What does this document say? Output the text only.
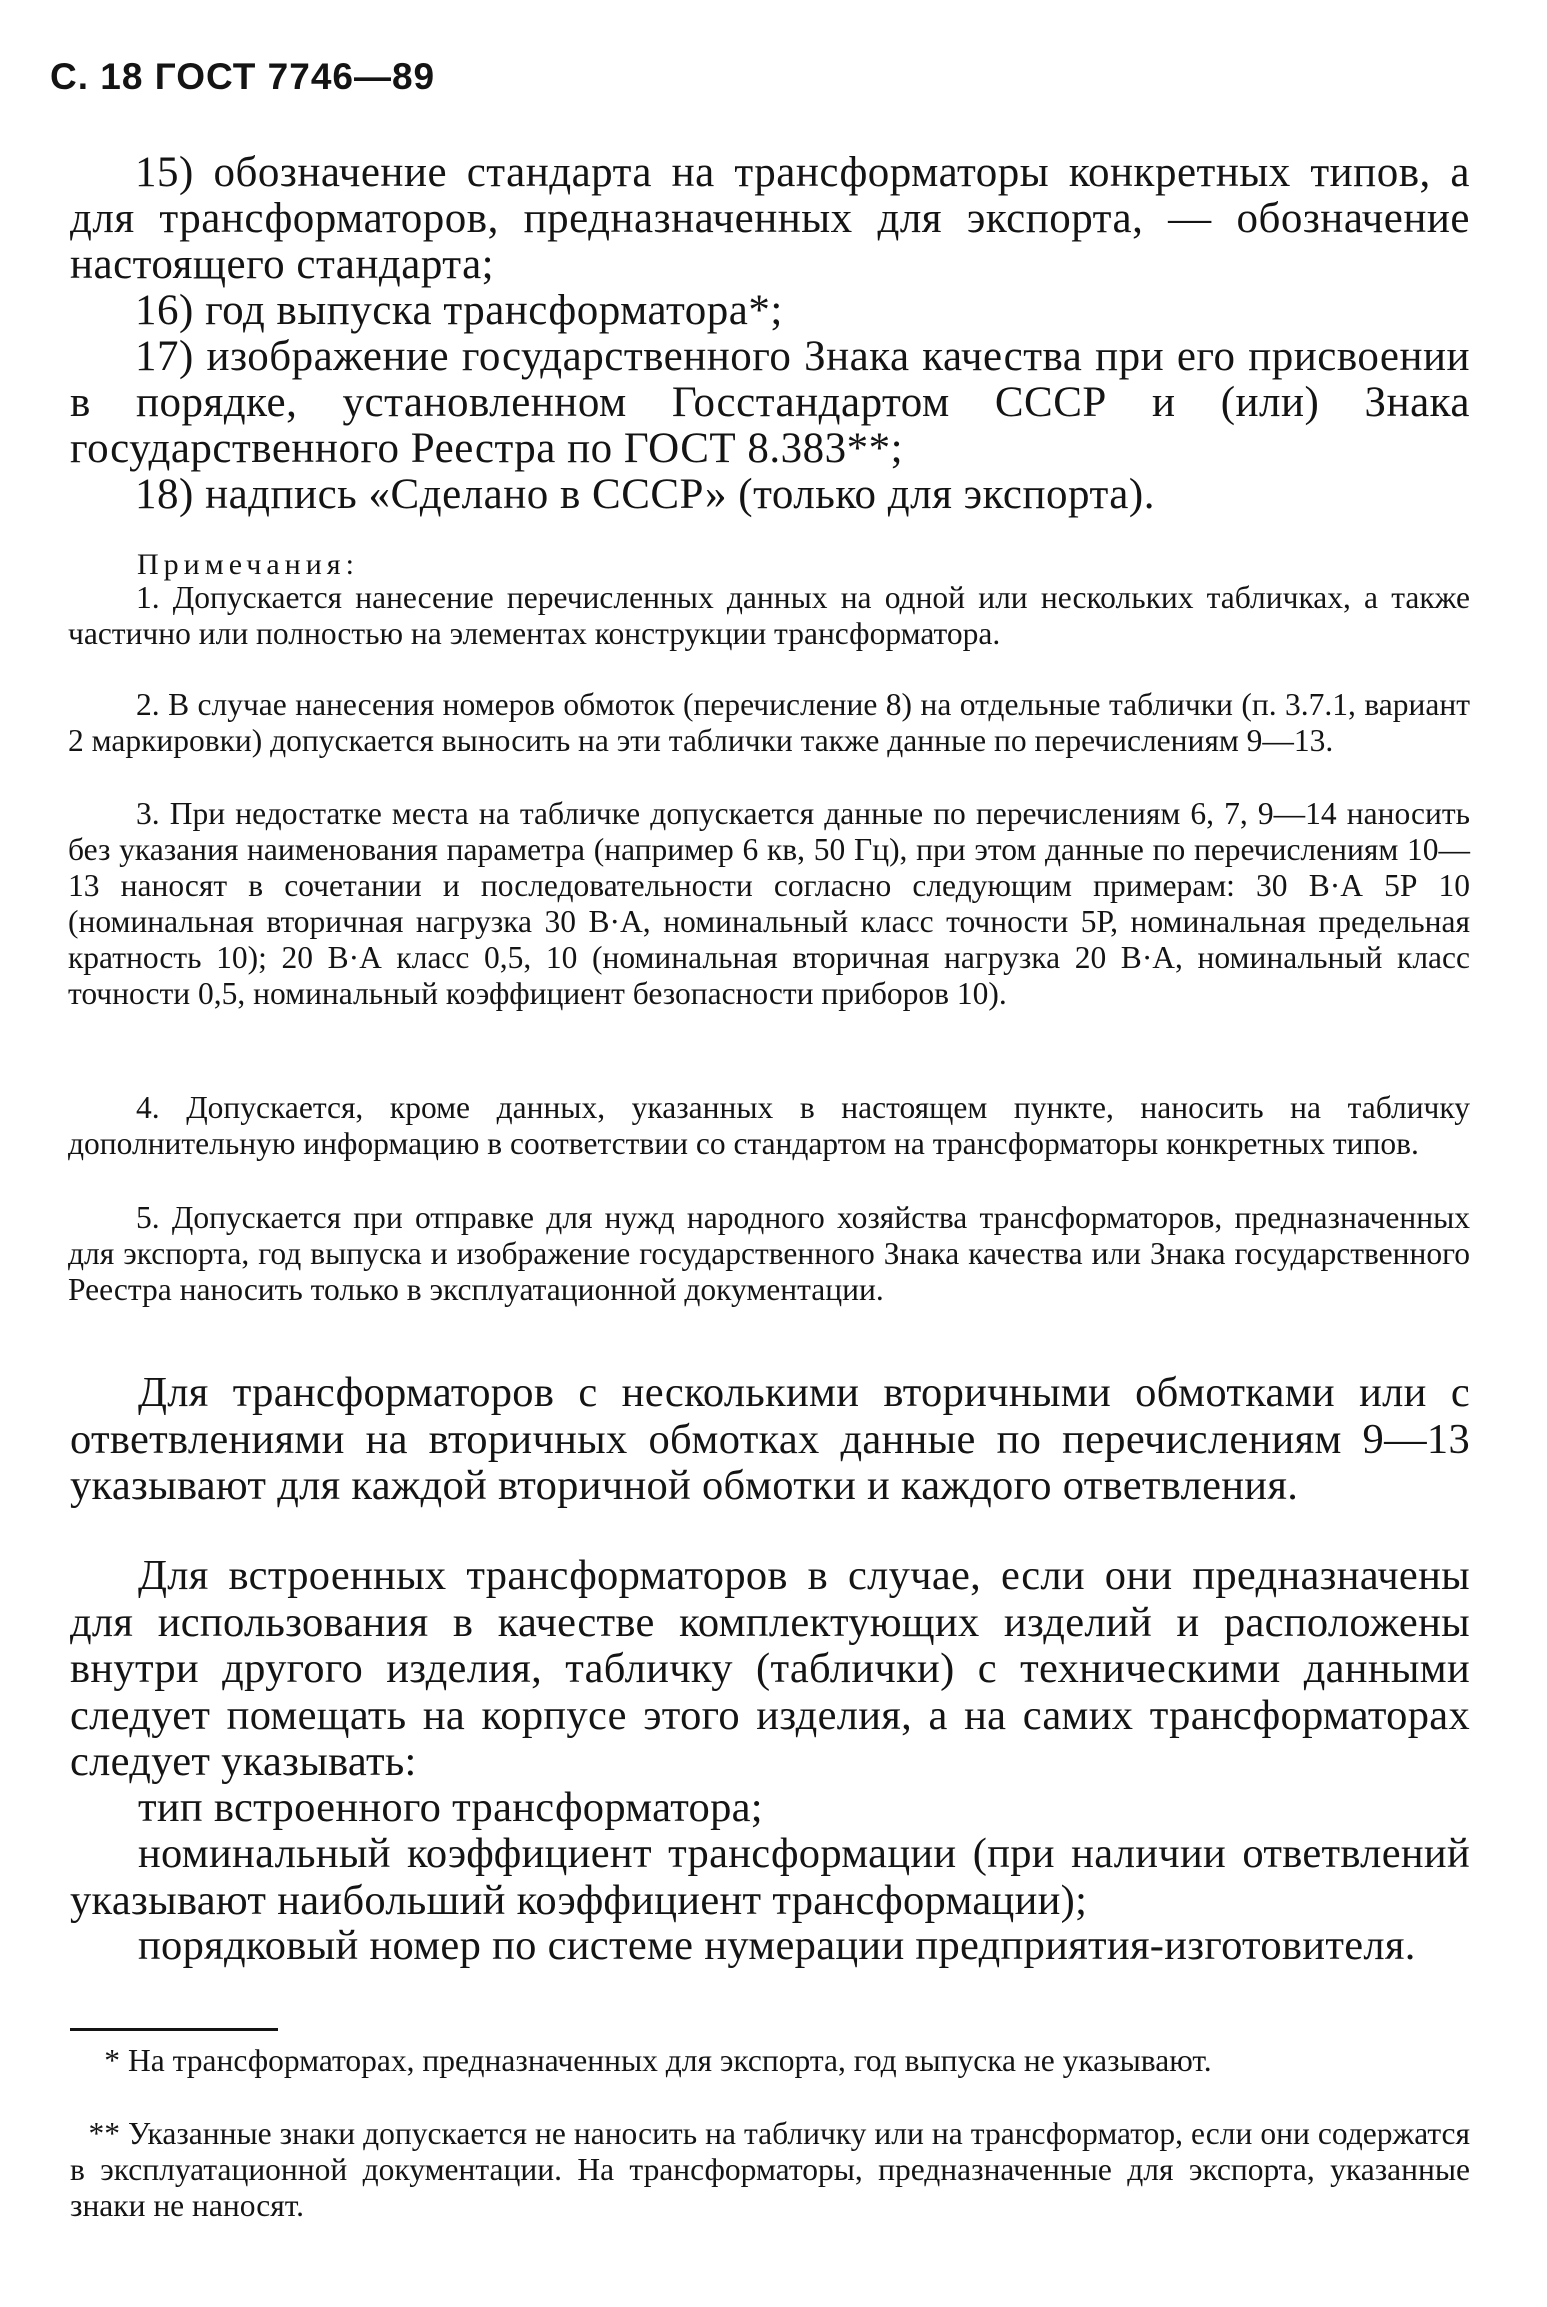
С. 18 ГОСТ 7746—89
15) обозначение стандарта на трансформаторы конкретных типов, а для трансформаторов, предназначенных для экспорта, — обозначение настоящего стандарта;
16) год выпуска трансформатора*;
17) изображение государственного Знака качества при его присвоении в порядке, установленном Госстандартом СССР и (или) Знака государственного Реестра по ГОСТ 8.383**;
18) надпись «Сделано в СССР» (только для экспорта).
Примечания:
1. Допускается нанесение перечисленных данных на одной или нескольких табличках, а также частично или полностью на элементах конструкции трансформатора.
2. В случае нанесения номеров обмоток (перечисление 8) на отдельные таблички (п. 3.7.1, вариант 2 маркировки) допускается выносить на эти таблички также данные по перечислениям 9—13.
3. При недостатке места на табличке допускается данные по перечислениям 6, 7, 9—14 наносить без указания наименования параметра (например 6 кв, 50 Гц), при этом данные по перечислениям 10—13 наносят в сочетании и последовательности согласно следующим примерам: 30 В·А 5Р 10 (номинальная вторичная нагрузка 30 В·А, номинальный класс точности 5Р, номинальная предельная кратность 10); 20 В·А класс 0,5, 10 (номинальная вторичная нагрузка 20 В·А, номинальный класс точности 0,5, номинальный коэффициент безопасности приборов 10).
4. Допускается, кроме данных, указанных в настоящем пункте, наносить на табличку дополнительную информацию в соответствии со стандартом на трансформаторы конкретных типов.
5. Допускается при отправке для нужд народного хозяйства трансформаторов, предназначенных для экспорта, год выпуска и изображение государственного Знака качества или Знака государственного Реестра наносить только в эксплуатационной документации.
Для трансформаторов с несколькими вторичными обмотками или с ответвлениями на вторичных обмотках данные по перечислениям 9—13 указывают для каждой вторичной обмотки и каждого ответвления.
Для встроенных трансформаторов в случае, если они предназначены для использования в качестве комплектующих изделий и расположены внутри другого изделия, табличку (таблички) с техническими данными следует помещать на корпусе этого изделия, а на самих трансформаторах следует указывать:
тип встроенного трансформатора;
номинальный коэффициент трансформации (при наличии ответвлений указывают наибольший коэффициент трансформации);
порядковый номер по системе нумерации предприятия-изготовителя.
* На трансформаторах, предназначенных для экспорта, год выпуска не указывают.
** Указанные знаки допускается не наносить на табличку или на трансформатор, если они содержатся в эксплуатационной документации. На трансформаторы, предназначенные для экспорта, указанные знаки не наносят.
